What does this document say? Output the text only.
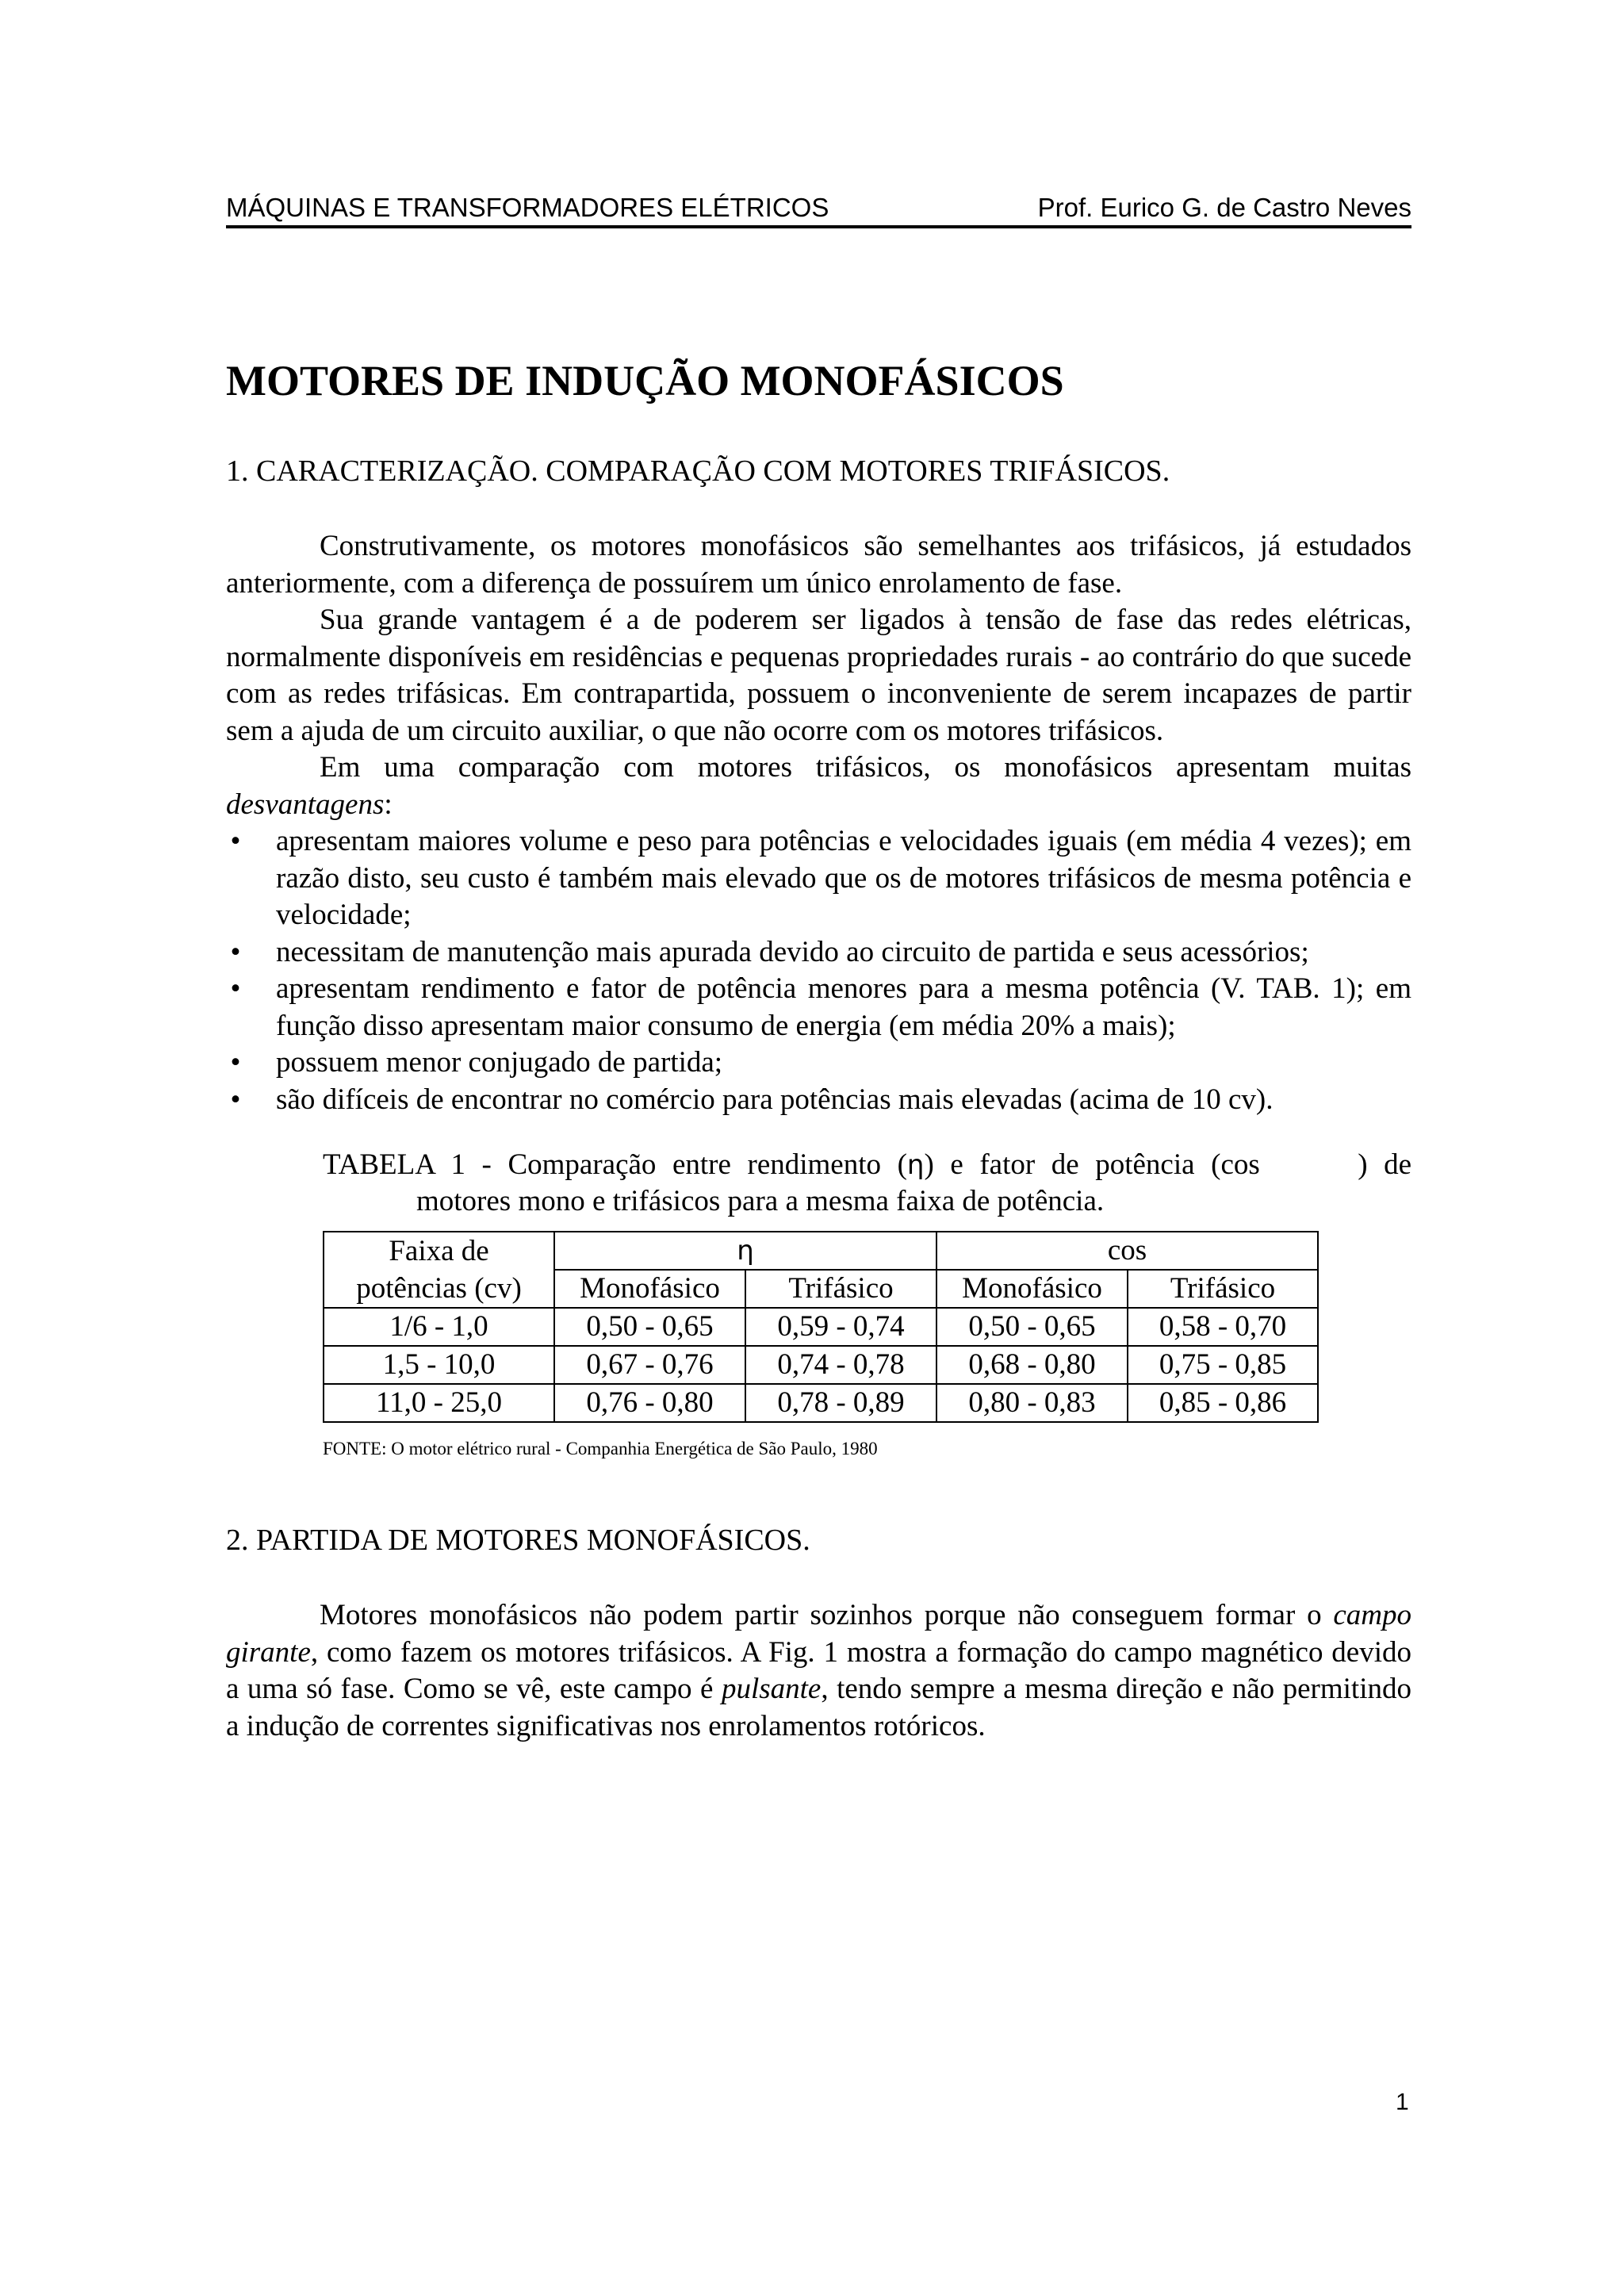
MÁQUINAS E TRANSFORMADORES ELÉTRICOS	Prof. Eurico G. de Castro Neves
MOTORES DE INDUÇÃO MONOFÁSICOS
1. CARACTERIZAÇÃO. COMPARAÇÃO COM MOTORES TRIFÁSICOS.

Construtivamente, os motores monofásicos são semelhantes aos trifásicos, já estudados anteriormente, com a diferença de possuírem um único enrolamento de fase.

Sua grande vantagem é a de poderem ser ligados à tensão de fase das redes elétricas, normalmente disponíveis em residências e pequenas propriedades rurais - ao contrário do que sucede com as redes trifásicas. Em contrapartida, possuem o inconveniente de serem incapazes de partir sem a ajuda de um circuito auxiliar, o que não ocorre com os motores trifásicos.

Em uma comparação com motores trifásicos, os monofásicos apresentam muitas desvantagens:

• apresentam maiores volume e peso para potências e velocidades iguais (em média 4 vezes); em razão disto, seu custo é também mais elevado que os de motores trifásicos de mesma potência e velocidade;
• necessitam de manutenção mais apurada devido ao circuito de partida e seus acessórios;
• apresentam rendimento e fator de potência menores para a mesma potência (V. TAB. 1); em função disso apresentam maior consumo de energia (em média 20% a mais);
• possuem menor conjugado de partida;
• são difíceis de encontrar no comércio para potências mais elevadas (acima de 10 cv).
TABELA 1 - Comparação entre rendimento (η) e fator de potência (cos	) de
motores mono e trifásicos para a mesma faixa de potência.
Faixa de	η		cos	
potências (cv)	Monofásico	Trifásico	Monofásico	Trifásico
1/6 - 1,0	0,50 - 0,65	0,59 - 0,74	0,50 - 0,65	0,58 - 0,70
1,5 - 10,0	0,67 - 0,76	0,74 - 0,78	0,68 - 0,80	0,75 - 0,85
11,0 - 25,0	0,76 - 0,80	0,78 - 0,89	0,80 - 0,83	0,85 - 0,86
FONTE: O motor elétrico rural - Companhia Energética de São Paulo, 1980
2. PARTIDA DE MOTORES MONOFÁSICOS.

Motores monofásicos não podem partir sozinhos porque não conseguem formar o campo girante, como fazem os motores trifásicos. A Fig. 1 mostra a formação do campo magnético devido a uma só fase. Como se vê, este campo é pulsante, tendo sempre a mesma direção e não permitindo a indução de correntes significativas nos enrolamentos rotóricos.

1
